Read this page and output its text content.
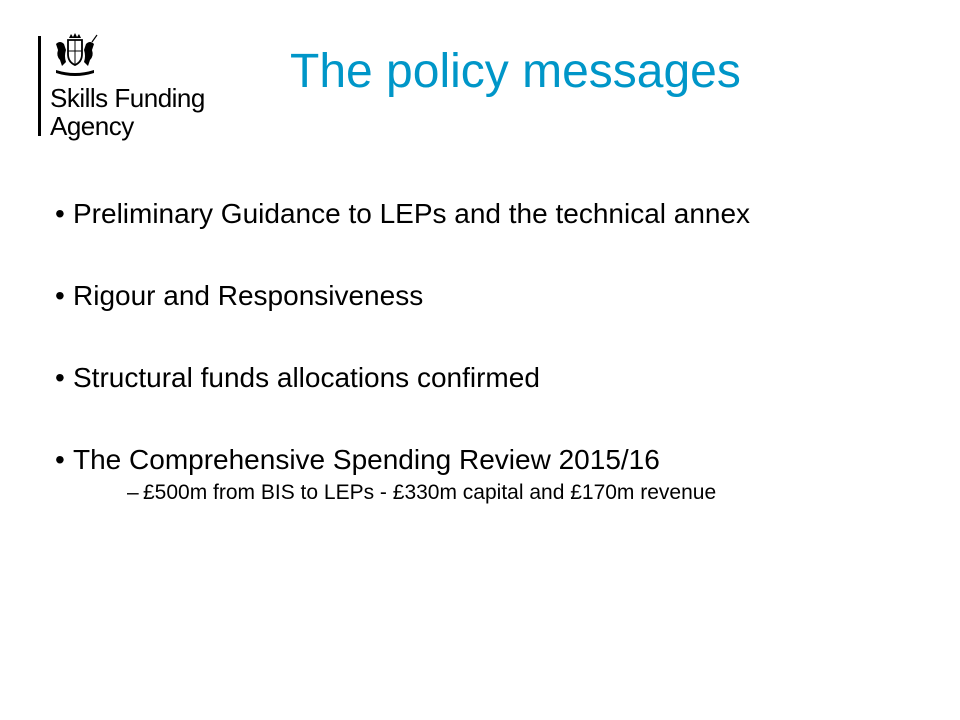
Skills Funding
Agency
The policy messages
• Preliminary Guidance to LEPs and the technical annex
• Rigour and Responsiveness
• Structural funds allocations confirmed
• The Comprehensive Spending Review 2015/16
– £500m from BIS to LEPs - £330m capital and £170m revenue
